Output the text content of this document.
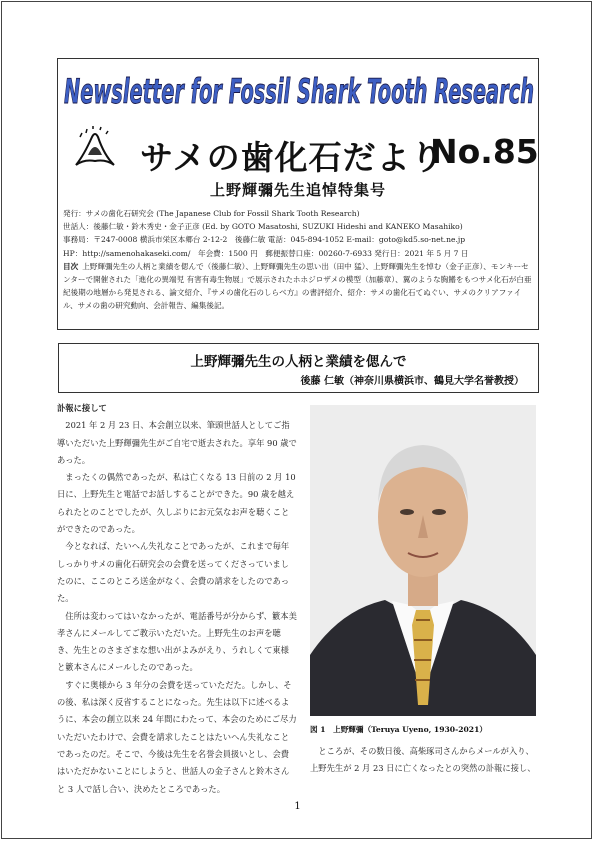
Newsletter for Fossil Shark Tooth Research
サメの歯化石だより
No.85
上野輝彌先生追悼特集号
発行：サメの歯化石研究会 (The Japanese Club for Fossil Shark Tooth Research)
世話人：後藤仁敏・鈴木秀史・金子正彦 (Ed. by GOTO Masatoshi, SUZUKI Hideshi and KANEKO Masahiko)
事務局：〒247-0008 横浜市栄区本郷台 2-12-2　後藤仁敏 電話：045-894-1052 E-mail：goto@kd5.so-net.ne.jp
HP：http://samenohakaseki.com/　年会費：1500 円　郵便振替口座：00260-7-6933 発行日：2021 年 5 月 7 日
目次 上野輝彌先生の人柄と業績を偲んで（後藤仁敏）、上野輝彌先生の思い出（田中 猛）、上野輝彌先生を悼む（金子正彦）、モンキーセンターで開催された「進化の異端児 有害有毒生物展」で展示されたホホジロザメの模型（加藤章）、翼のような胸鰭をもつサメ化石が白亜紀後期の地層から発見される、論文紹介、『サメの歯化石のしらべ方』の書評紹介、紹介：サメの歯化石てぬぐい、サメのクリアファイル、サメの歯の研究動向、会計報告、編集後記。
上野輝彌先生の人柄と業績を偲んで
後藤 仁敏（神奈川県横浜市、鶴見大学名誉教授）
訃報に接して

2021 年 2 月 23 日、本会創立以来、筆頭世話人としてご指導いただいた上野輝彌先生がご自宅で逝去された。享年 90 歳であった。

まったくの偶然であったが、私は亡くなる 13 日前の 2 月 10 日に、上野先生と電話でお話しすることができた。90 歳を越えられたとのことでしたが、久しぶりにお元気なお声を聴くことができたのであった。

今となれば、たいへん失礼なことであったが、これまで毎年しっかりサメの歯化石研究会の会費を送ってくださっていましたのに、ここのところ送金がなく、会費の請求をしたのであった。

住所は変わってはいなかったが、電話番号が分からず、籔本美孝さんにメールしてご教示いただいた。上野先生のお声を聴き、先生とのさまざまな想い出がよみがえり、うれしくて東様と籔本さんにメールしたのであった。

すぐに奥様から 3 年分の会費を送っていただた。しかし、その後、私は深く反省することになった。先生は以下に述べるように、本会の創立以来 24 年間にわたって、本会のためにご尽力いただいたわけで、会費を請求したことはたいへん失礼なことであったのだ。そこで、今後は先生を名誉会員扱いとし、会費はいただかないことにしようと、世話人の金子さんと鈴木さんと 3 人で話し合い、決めたところであった。

図 1　上野輝彌（Teruya Uyeno, 1930-2021）

ところが、その数日後、高柴琢司さんからメールが入り、上野先生が 2 月 23 日に亡くなったとの突然の訃報に接し、

1
